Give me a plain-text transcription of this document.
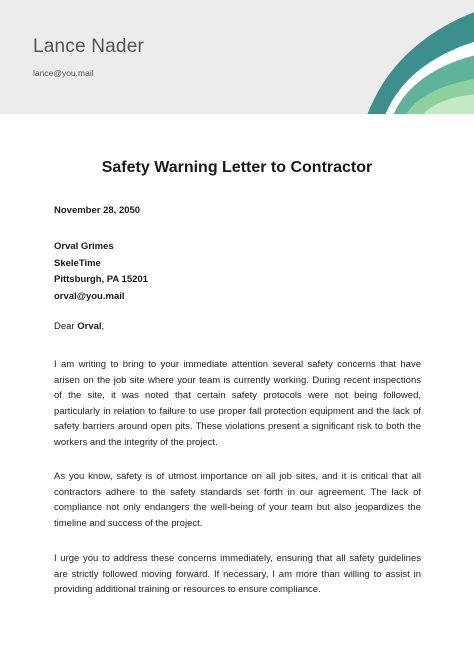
Lance Nader
lance@you.mail
Safety Warning Letter to Contractor
November 28, 2050
Orval Grimes
SkeleTime
Pittsburgh, PA 15201
orval@you.mail
Dear Orval,
I am writing to bring to your immediate attention several safety concerns that have arisen on the job site where your team is currently working. During recent inspections of the site, it was noted that certain safety protocols were not being followed, particularly in relation to failure to use proper fall protection equipment and the lack of safety barriers around open pits. These violations present a significant risk to both the workers and the integrity of the project.
As you know, safety is of utmost importance on all job sites, and it is critical that all contractors adhere to the safety standards set forth in our agreement. The lack of compliance not only endangers the well-being of your team but also jeopardizes the timeline and success of the project.
I urge you to address these concerns immediately, ensuring that all safety guidelines are strictly followed moving forward. If necessary, I am more than willing to assist in providing additional training or resources to ensure compliance.
